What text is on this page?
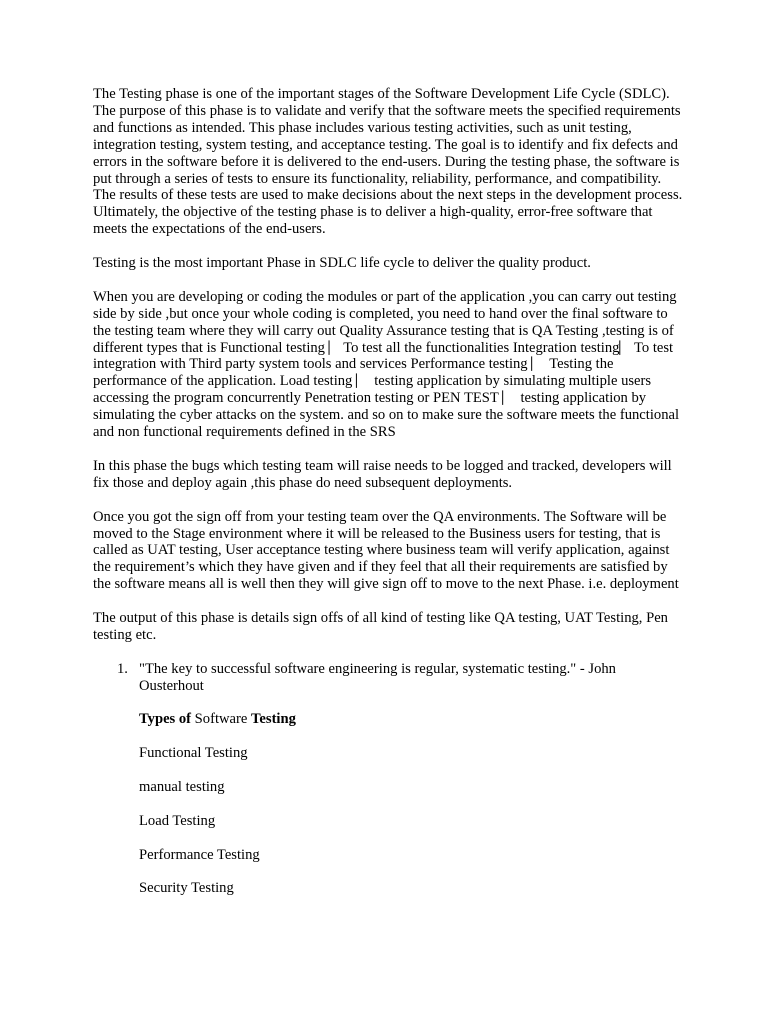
The Testing phase is one of the important stages of the Software Development Life Cycle (SDLC). The purpose of this phase is to validate and verify that the software meets the specified requirements and functions as intended. This phase includes various testing activities, such as unit testing, integration testing, system testing, and acceptance testing. The goal is to identify and fix defects and errors in the software before it is delivered to the end-users. During the testing phase, the software is put through a series of tests to ensure its functionality, reliability, performance, and compatibility. The results of these tests are used to make decisions about the next steps in the development process. Ultimately, the objective of the testing phase is to deliver a high-quality, error-free software that meets the expectations of the end-users.

Testing is the most important Phase in SDLC life cycle to deliver the quality product.

When you are developing or coding the modules or part of the application ,you can carry out testing side by side ,but once your whole coding is completed, you need to hand over the final software to the testing team where they will carry out Quality Assurance testing that is QA Testing ,testing is of different types that is Functional testing ⎸To test all the functionalities Integration testing⎸To test integration with Third party system tools and services Performance testing ⎸ Testing the performance of the application. Load testing ⎸ testing application by simulating multiple users accessing the program concurrently Penetration testing or PEN TEST ⎸ testing application by simulating the cyber attacks on the system. and so on to make sure the software meets the functional and non functional requirements defined in the SRS

In this phase the bugs which testing team will raise needs to be logged and tracked, developers will fix those and deploy again ,this phase do need subsequent deployments.

Once you got the sign off from your testing team over the QA environments. The Software will be moved to the Stage environment where it will be released to the Business users for testing, that is called as UAT testing, User acceptance testing where business team will verify application, against the requirement’s which they have given and if they feel that all their requirements are satisfied by the software means all is well then they will give sign off to move to the next Phase. i.e. deployment

The output of this phase is details sign offs of all kind of testing like QA testing, UAT Testing, Pen testing etc.

1. "The key to successful software engineering is regular, systematic testing." - John Ousterhout

Types of Software Testing

Functional Testing

manual testing

Load Testing

Performance Testing

Security Testing
